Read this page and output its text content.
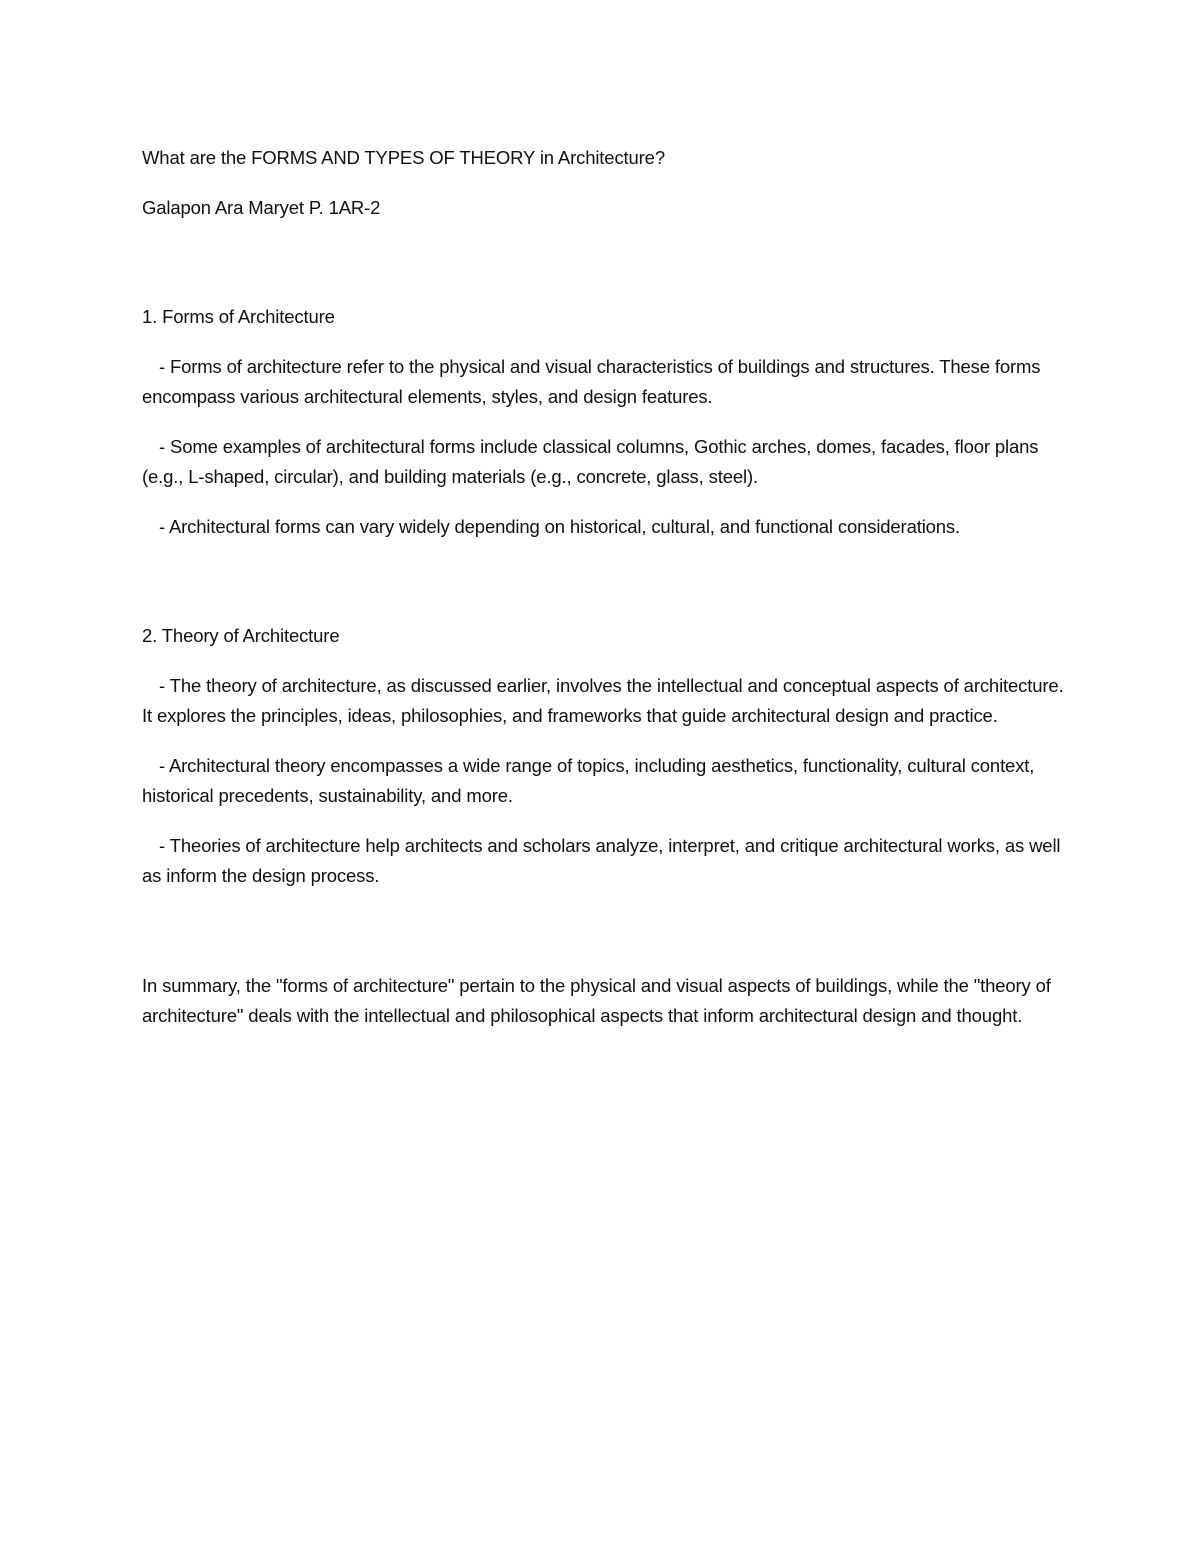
What are the FORMS AND TYPES OF THEORY in Architecture?

Galapon Ara Maryet P. 1AR-2

1. Forms of Architecture

- Forms of architecture refer to the physical and visual characteristics of buildings and structures. These forms encompass various architectural elements, styles, and design features.

- Some examples of architectural forms include classical columns, Gothic arches, domes, facades, floor plans (e.g., L-shaped, circular), and building materials (e.g., concrete, glass, steel).

- Architectural forms can vary widely depending on historical, cultural, and functional considerations.

2. Theory of Architecture

- The theory of architecture, as discussed earlier, involves the intellectual and conceptual aspects of architecture. It explores the principles, ideas, philosophies, and frameworks that guide architectural design and practice.

- Architectural theory encompasses a wide range of topics, including aesthetics, functionality, cultural context, historical precedents, sustainability, and more.

- Theories of architecture help architects and scholars analyze, interpret, and critique architectural works, as well as inform the design process.

In summary, the "forms of architecture" pertain to the physical and visual aspects of buildings, while the "theory of architecture" deals with the intellectual and philosophical aspects that inform architectural design and thought.
